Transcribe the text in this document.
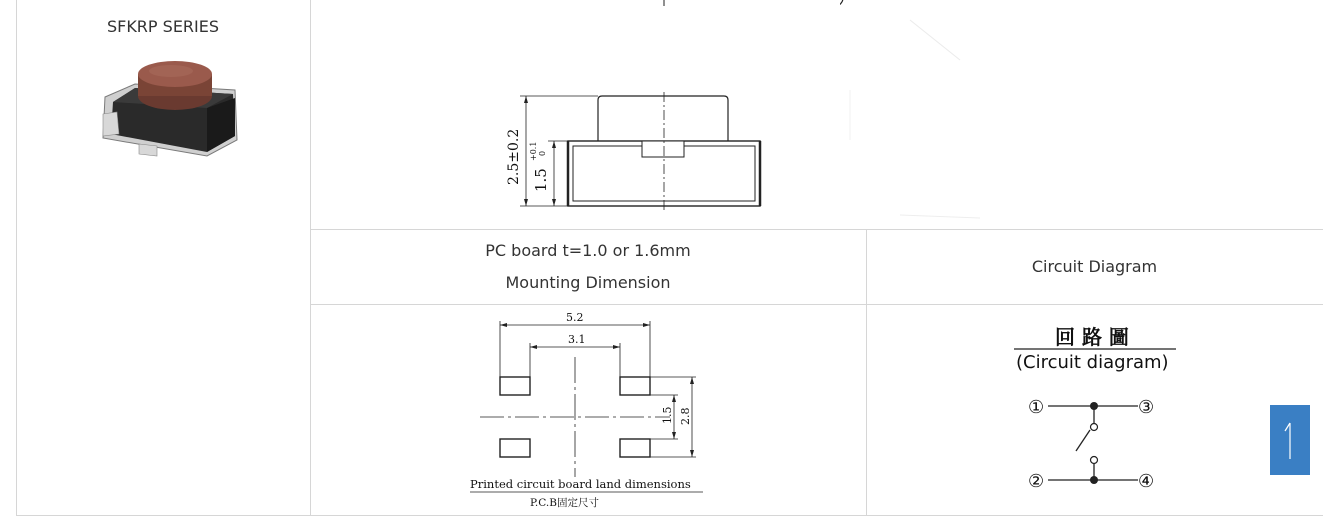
SFKRP SERIES
2.5±0.2 1.5
+0.1 0
PC board t=1.0 or 1.6mm
Mounting Dimension
Circuit Diagram
5.2
3.1
1.5 2.8
Printed circuit board land dimensions
P.C.B固定尺寸
回 路 圖
(Circuit diagram)
①	③
②	④
